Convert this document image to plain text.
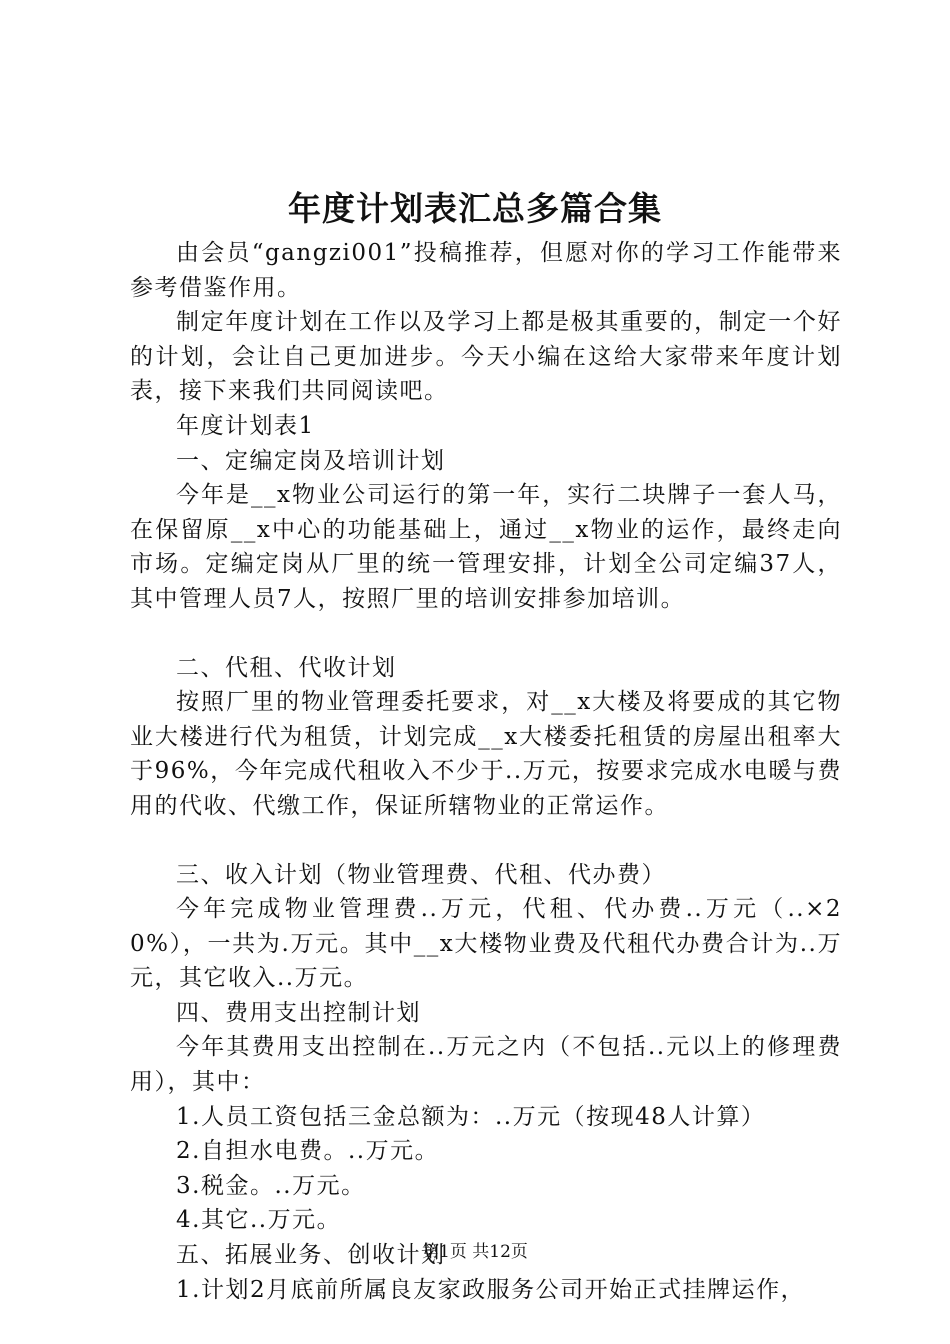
年度计划表汇总多篇合集

由会员“gangzi001”投稿推荐，但愿对你的学习工作能带来参考借鉴作用。

制定年度计划在工作以及学习上都是极其重要的，制定一个好的计划，会让自己更加进步。今天小编在这给大家带来年度计划表，接下来我们共同阅读吧。

年度计划表1

一、定编定岗及培训计划

今年是__x物业公司运行的第一年，实行二块牌子一套人马，在保留原__x中心的功能基础上，通过__x物业的运作，最终走向市场。定编定岗从厂里的统一管理安排，计划全公司定编37人，其中管理人员7人，按照厂里的培训安排参加培训。

二、代租、代收计划

按照厂里的物业管理委托要求，对__x大楼及将要成的其它物业大楼进行代为租赁，计划完成__x大楼委托租赁的房屋出租率大于96%，今年完成代租收入不少于..万元，按要求完成水电暖与费用的代收、代缴工作，保证所辖物业的正常运作。

三、收入计划（物业管理费、代租、代办费）

今年完成物业管理费..万元，代租、代办费..万元（..×20%），一共为.万元。其中__x大楼物业费及代租代办费合计为..万元，其它收入..万元。

四、费用支出控制计划

今年其费用支出控制在..万元之内（不包括..元以上的修理费用），其中：

1.人员工资包括三金总额为：..万元（按现48人计算）

2.自担水电费。..万元。

3.税金。..万元。

4.其它..万元。

五、拓展业务、创收计划

1.计划2月底前所属良友家政服务公司开始正式挂牌运作，

第1页 共12页
